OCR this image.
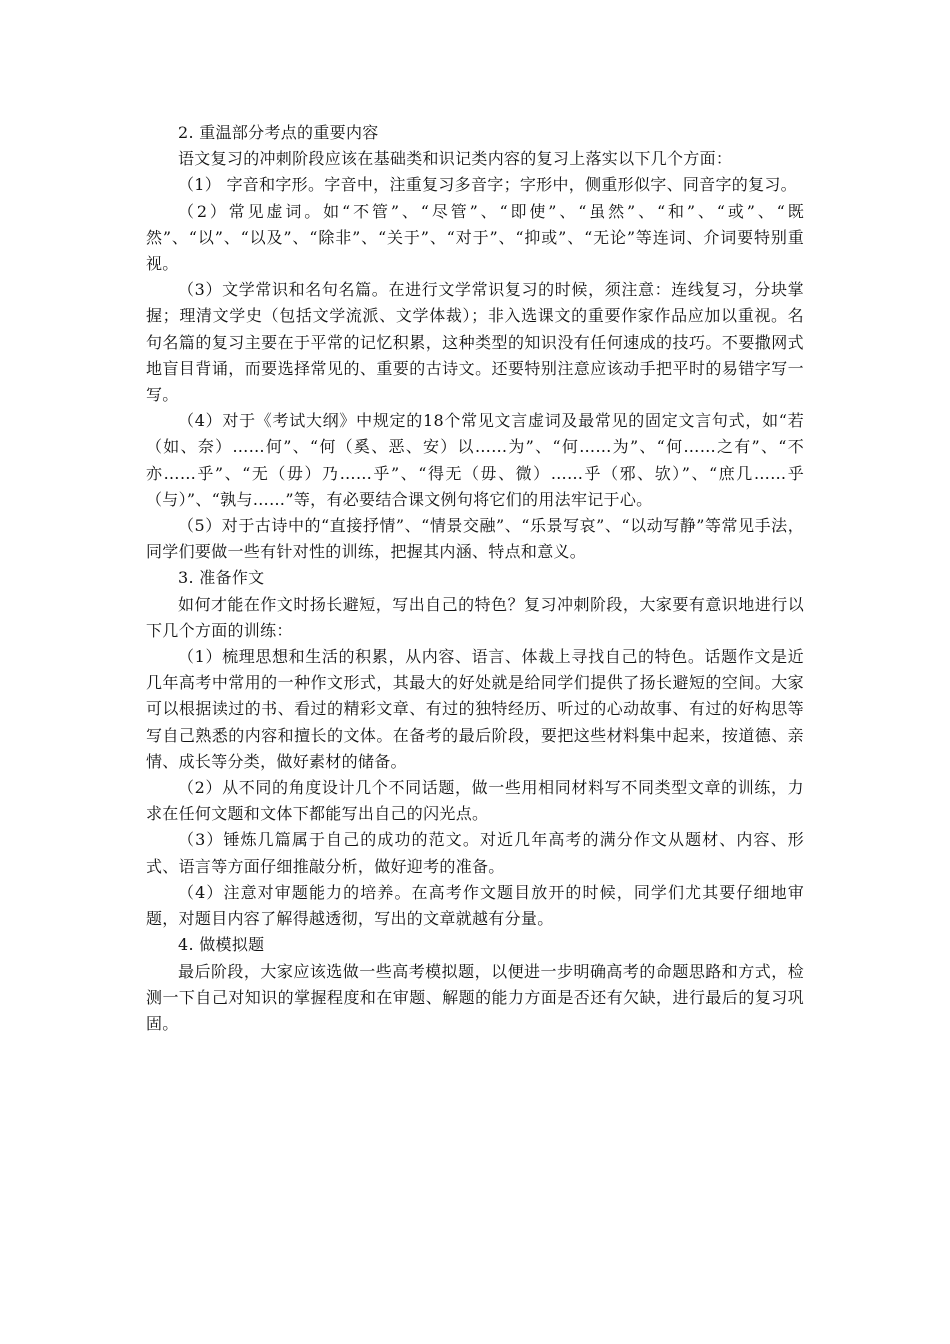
2. 重温部分考点的重要内容

语文复习的冲刺阶段应该在基础类和识记类内容的复习上落实以下几个方面：

（1） 字音和字形。字音中，注重复习多音字；字形中，侧重形似字、同音字的复习。

（2）常见虚词。如“不管”、“尽管”、“即使”、“虽然”、“和”、“或”、“既然”、“以”、“以及”、“除非”、“关于”、“对于”、“抑或”、“无论”等连词、介词要特别重视。

（3）文学常识和名句名篇。在进行文学常识复习的时候，须注意：连线复习，分块掌握；理清文学史（包括文学流派、文学体裁）；非入选课文的重要作家作品应加以重视。名句名篇的复习主要在于平常的记忆积累，这种类型的知识没有任何速成的技巧。不要撒网式地盲目背诵，而要选择常见的、重要的古诗文。还要特别注意应该动手把平时的易错字写一写。

（4）对于《考试大纲》中规定的18个常见文言虚词及最常见的固定文言句式，如“若（如、奈）……何”、“何（奚、恶、安）以……为”、“何……为”、“何……之有”、“不亦……乎”、“无（毋）乃……乎”、“得无（毋、微）……乎（邪、欤）”、“庶几……乎（与）”、“孰与……”等，有必要结合课文例句将它们的用法牢记于心。

（5）对于古诗中的“直接抒情”、“情景交融”、“乐景写哀”、“以动写静”等常见手法，同学们要做一些有针对性的训练，把握其内涵、特点和意义。

3. 准备作文

如何才能在作文时扬长避短，写出自己的特色？复习冲刺阶段，大家要有意识地进行以下几个方面的训练：

（1）梳理思想和生活的积累，从内容、语言、体裁上寻找自己的特色。话题作文是近几年高考中常用的一种作文形式，其最大的好处就是给同学们提供了扬长避短的空间。大家可以根据读过的书、看过的精彩文章、有过的独特经历、听过的心动故事、有过的好构思等写自己熟悉的内容和擅长的文体。在备考的最后阶段，要把这些材料集中起来，按道德、亲情、成长等分类，做好素材的储备。

（2）从不同的角度设计几个不同话题，做一些用相同材料写不同类型文章的训练，力求在任何文题和文体下都能写出自己的闪光点。

（3）锤炼几篇属于自己的成功的范文。对近几年高考的满分作文从题材、内容、形式、语言等方面仔细推敲分析，做好迎考的准备。

（4）注意对审题能力的培养。在高考作文题目放开的时候，同学们尤其要仔细地审题，对题目内容了解得越透彻，写出的文章就越有分量。

4. 做模拟题

最后阶段，大家应该选做一些高考模拟题，以便进一步明确高考的命题思路和方式，检测一下自己对知识的掌握程度和在审题、解题的能力方面是否还有欠缺，进行最后的复习巩固。
